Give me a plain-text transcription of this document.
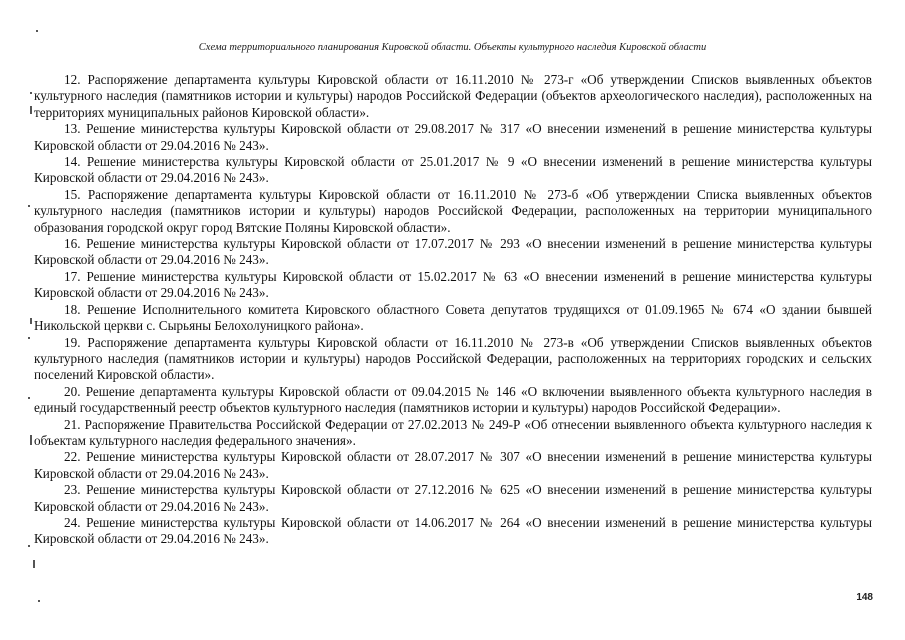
Схема территориального планирования Кировской области. Объекты культурного наследия Кировской области

12. Распоряжение департамента культуры Кировской области от 16.11.2010 № 273-г «Об утверждении Списков выявленных объектов культурного наследия (памятников истории и культуры) народов Российской Федерации (объектов археологического наследия), расположенных на территориях муниципальных районов Кировской области».

13. Решение министерства культуры Кировской области от 29.08.2017 № 317 «О внесении изменений в решение министерства культуры Кировской области от 29.04.2016 № 243».

14. Решение министерства культуры Кировской области от 25.01.2017 № 9 «О внесении изменений в решение министерства культуры Кировской области от 29.04.2016 № 243».

15. Распоряжение департамента культуры Кировской области от 16.11.2010 № 273-б «Об утверждении Списка выявленных объектов культурного наследия (памятников истории и культуры) народов Российской Федерации, расположенных на территории муниципального образования городской округ город Вятские Поляны Кировской области».

16. Решение министерства культуры Кировской области от 17.07.2017 № 293 «О внесении изменений в решение министерства культуры Кировской области от 29.04.2016 № 243».

17. Решение министерства культуры Кировской области от 15.02.2017 № 63 «О внесении изменений в решение министерства культуры Кировской области от 29.04.2016 № 243».

18. Решение Исполнительного комитета Кировского областного Совета депутатов трудящихся от 01.09.1965 № 674 «О здании бывшей Никольской церкви с. Сырьяны Белохолуницкого района».

19. Распоряжение департамента культуры Кировской области от 16.11.2010 № 273-в «Об утверждении Списков выявленных объектов культурного наследия (памятников истории и культуры) народов Российской Федерации, расположенных на территориях городских и сельских поселений Кировской области».

20. Решение департамента культуры Кировской области от 09.04.2015 № 146 «О включении выявленного объекта культурного наследия в единый государственный реестр объектов культурного наследия (памятников истории и культуры) народов Российской Федерации».

21. Распоряжение Правительства Российской Федерации от 27.02.2013 № 249-Р «Об отнесении выявленного объекта культурного наследия к объектам культурного наследия федерального значения».

22. Решение министерства культуры Кировской области от 28.07.2017 № 307 «О внесении изменений в решение министерства культуры Кировской области от 29.04.2016 № 243».

23. Решение министерства культуры Кировской области от 27.12.2016 № 625 «О внесении изменений в решение министерства культуры Кировской области от 29.04.2016 № 243».

24. Решение министерства культуры Кировской области от 14.06.2017 № 264 «О внесении изменений в решение министерства культуры Кировской области от 29.04.2016 № 243».

148
